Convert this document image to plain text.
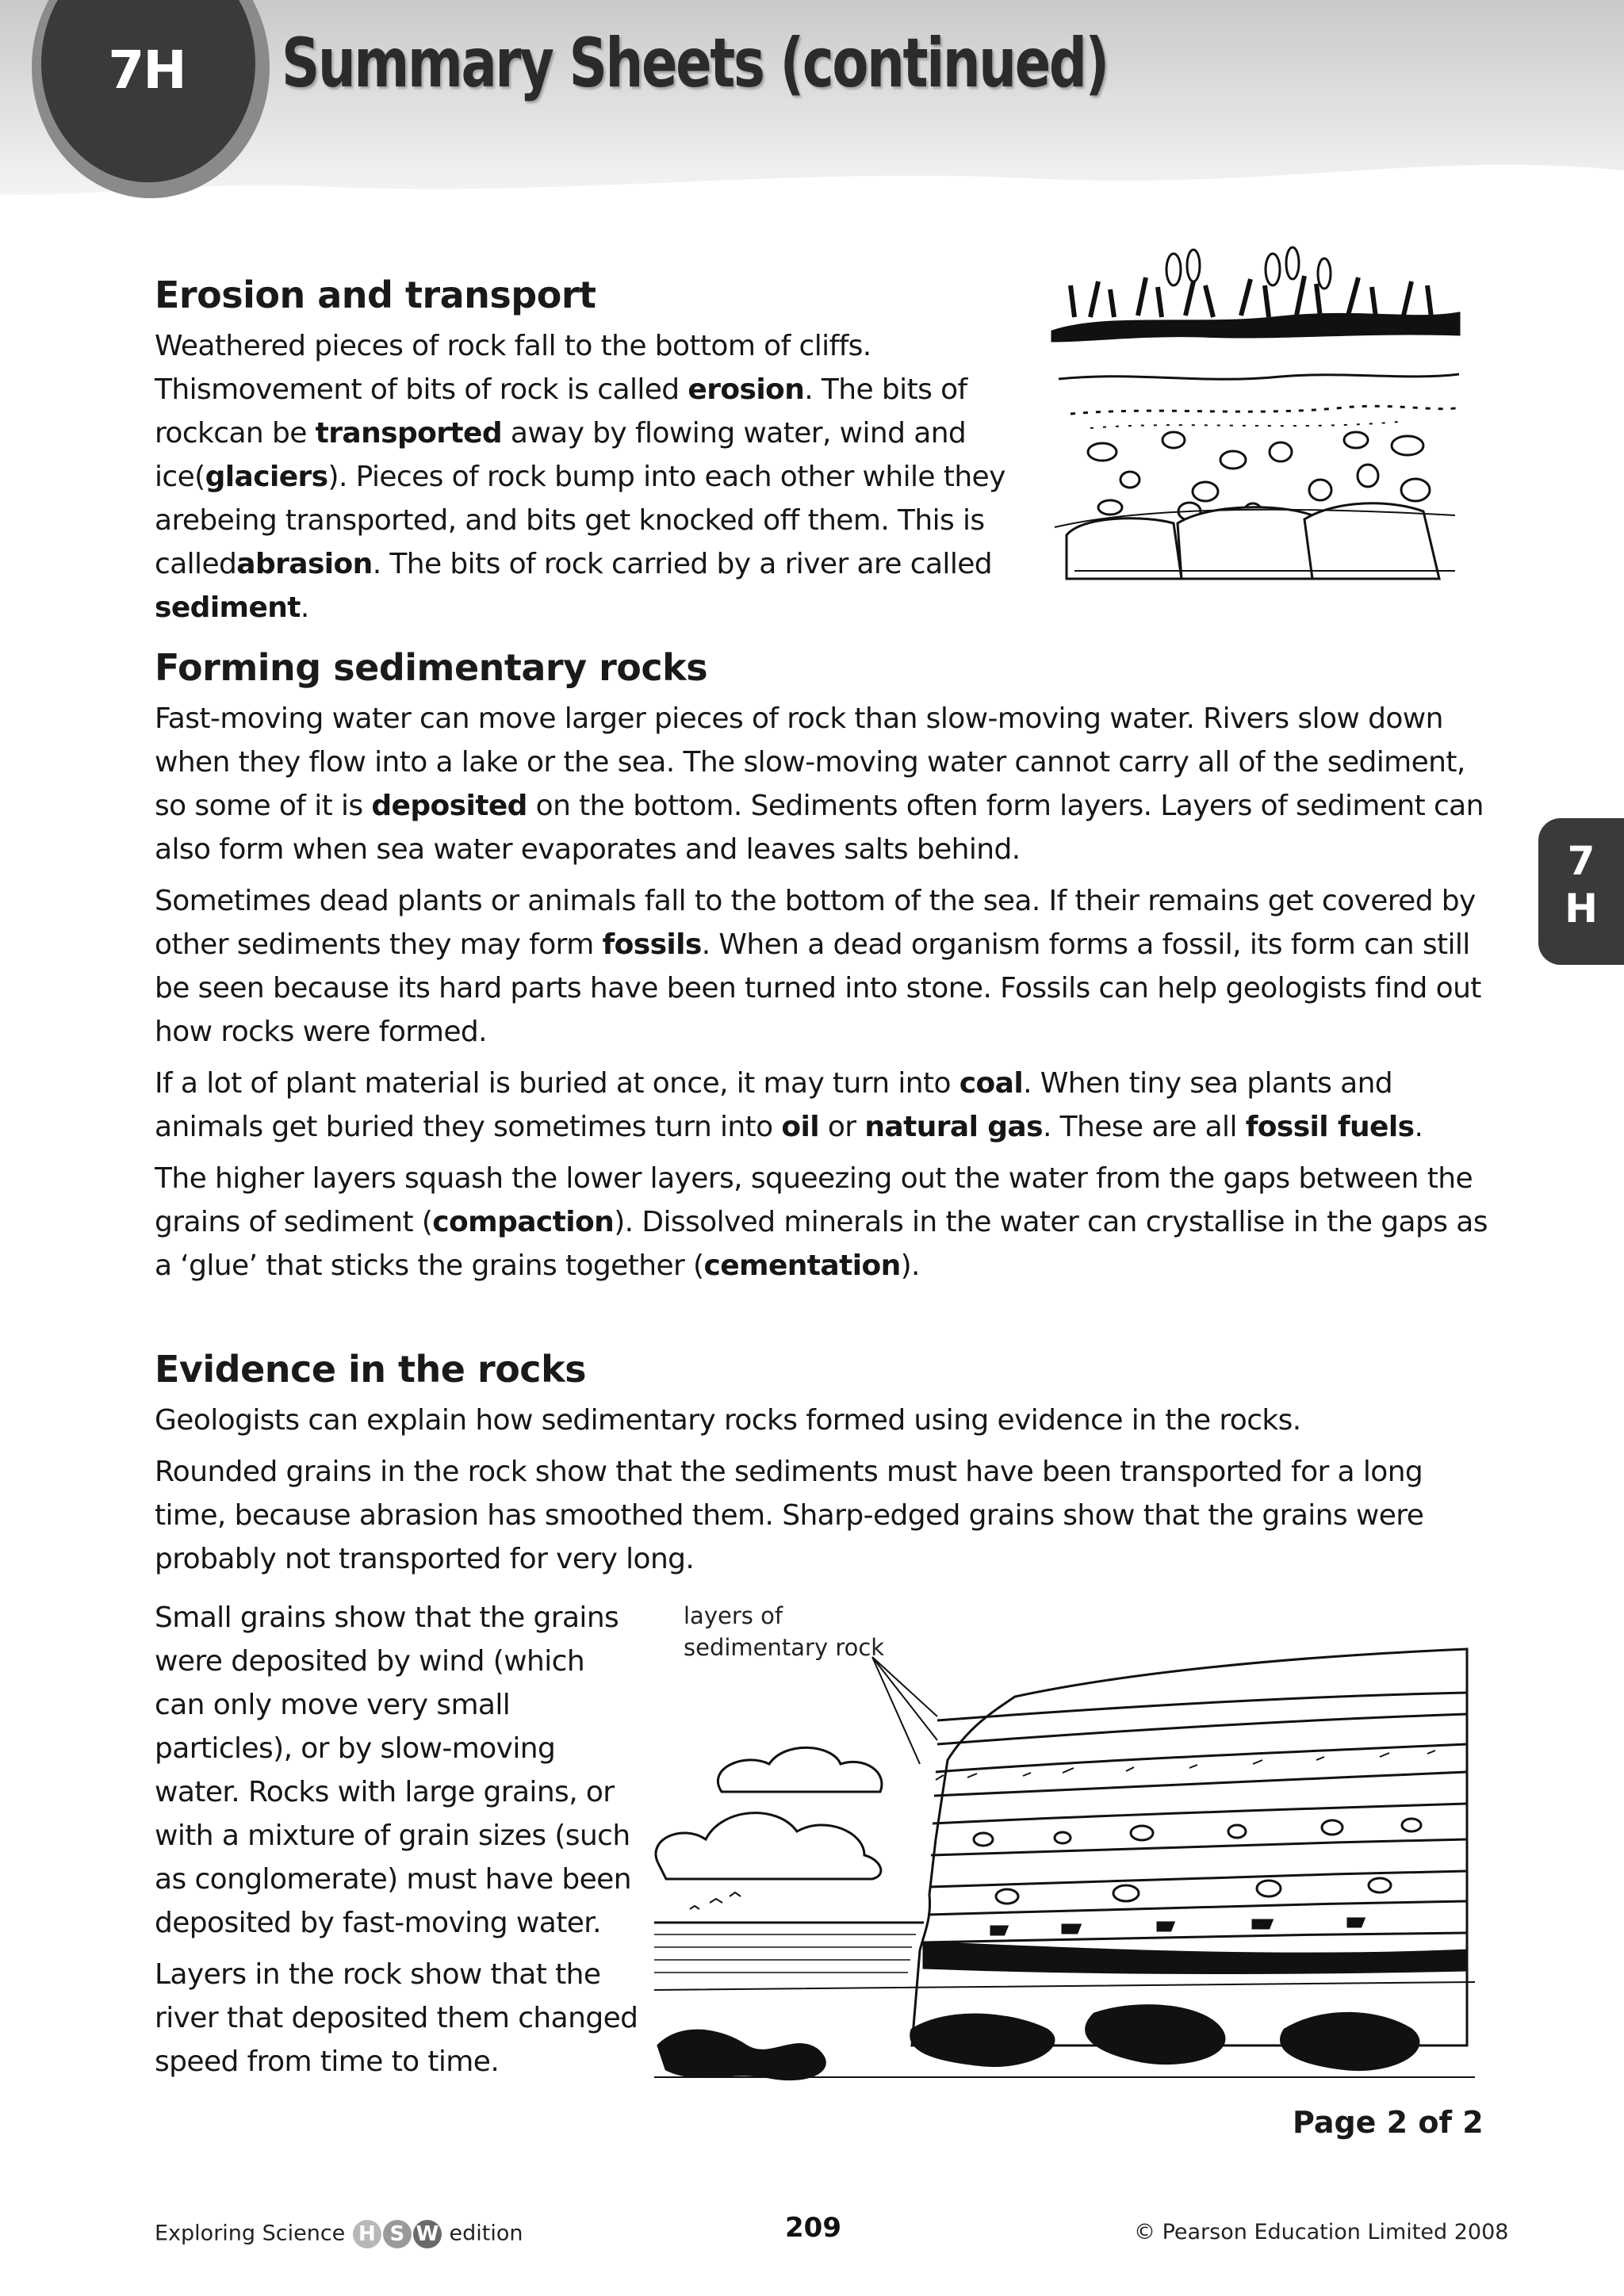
7H	Summary Sheets (continued)
7
H
Erosion and transport
Weathered pieces of rock fall to the bottom of cliffs. Thismovement of bits of rock is called erosion. The bits of rockcan be transported away by flowing water, wind and ice(glaciers). Pieces of rock bump into each other while they arebeing transported, and bits get knocked off them. This is calledabrasion. The bits of rock carried by a river are called sediment.
Forming sedimentary rocks
Fast-moving water can move larger pieces of rock than slow-moving water. Rivers slow down when they flow into a lake or the sea. The slow-moving water cannot carry all of the sediment, so some of it is deposited on the bottom. Sediments often form layers. Layers of sediment can also form when sea water evaporates and leaves salts behind.
Sometimes dead plants or animals fall to the bottom of the sea. If their remains get covered by other sediments they may form fossils. When a dead organism forms a fossil, its form can still be seen because its hard parts have been turned into stone. Fossils can help geologists find out how rocks were formed.
If a lot of plant material is buried at once, it may turn into coal. When tiny sea plants and animals get buried they sometimes turn into oil or natural gas. These are all fossil fuels.
The higher layers squash the lower layers, squeezing out the water from the gaps between the grains of sediment (compaction). Dissolved minerals in the water can crystallise in the gaps as a ‘glue’ that sticks the grains together (cementation).
Evidence in the rocks
Geologists can explain how sedimentary rocks formed using evidence in the rocks.
Rounded grains in the rock show that the sediments must have been transported for a long time, because abrasion has smoothed them. Sharp-edged grains show that the grains were probably not transported for very long.
Small grains show that the grains were deposited by wind (which can only move very small particles), or by slow-moving water. Rocks with large grains, or with a mixture of grain sizes (such as conglomerate) must have been deposited by fast-moving water.
Layers in the rock show that the river that deposited them changed speed from time to time.
layers of
sedimentary rock
Page 2 of 2
Exploring Science H S W edition	209	© Pearson Education Limited 2008
